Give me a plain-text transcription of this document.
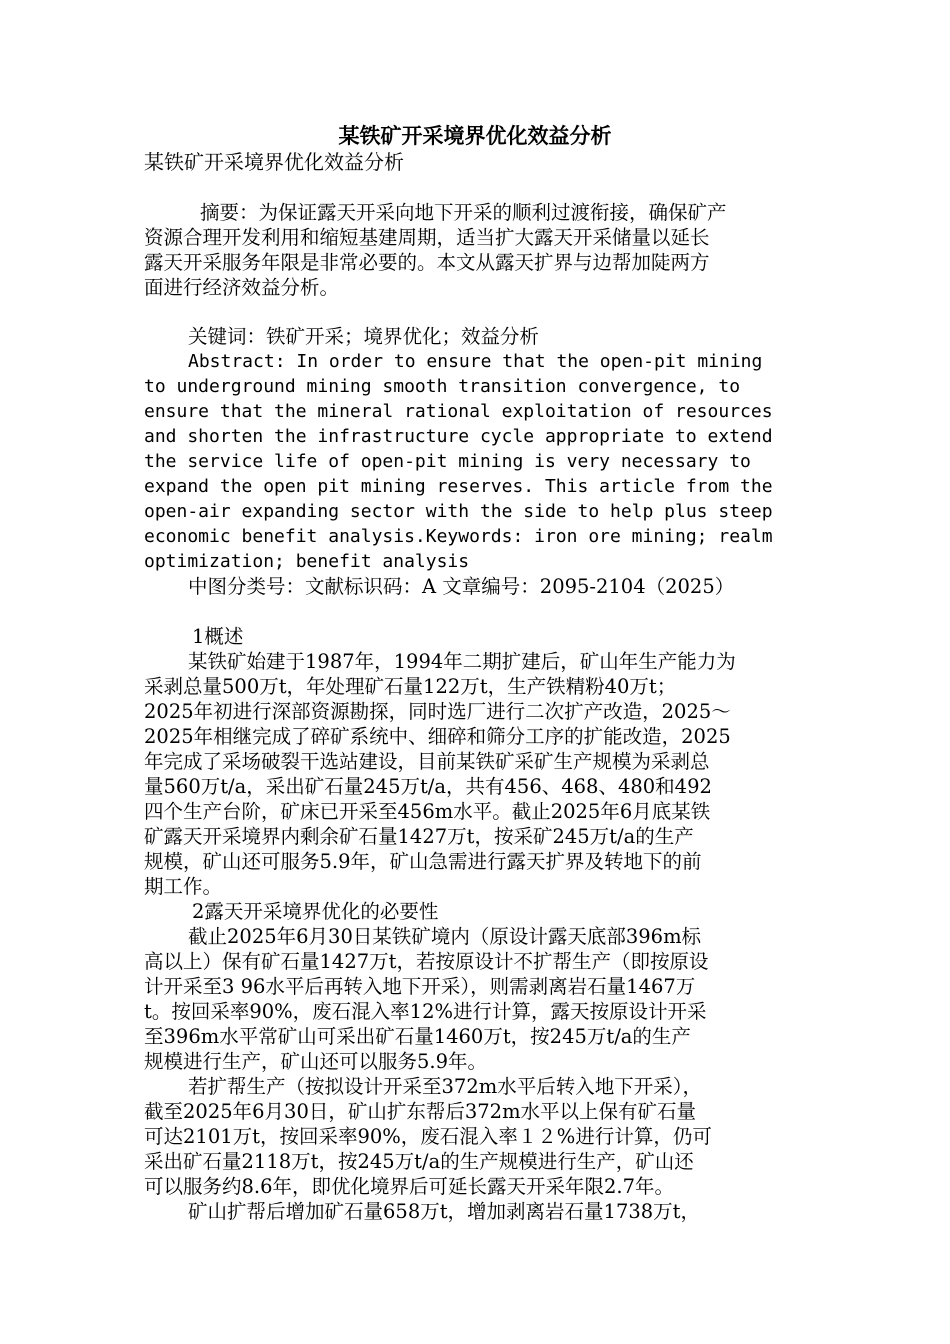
某铁矿开采境界优化效益分析
某铁矿开采境界优化效益分析
摘要：为保证露天开采向地下开采的顺利过渡衔接，确保矿产
资源合理开发利用和缩短基建周期，适当扩大露天开采储量以延长
露天开采服务年限是非常必要的。本文从露天扩界与边帮加陡两方
面进行经济效益分析。
关键词：铁矿开采；境界优化；效益分析
Abstract: In order to ensure that the open-pit mining
to underground mining smooth transition convergence, to
ensure that the mineral rational exploitation of resources
and shorten the infrastructure cycle appropriate to extend
the service life of open-pit mining is very necessary to
expand the open pit mining reserves. This article from the
open-air expanding sector with the side to help plus steep
economic benefit analysis.Keywords: iron ore mining; realm
optimization; benefit analysis
中图分类号：文献标识码：A 文章编号：2095-2104（2025）
1概述
某铁矿始建于1987年，1994年二期扩建后，矿山年生产能力为
采剥总量500万t，年处理矿石量122万t，生产铁精粉40万t；
2025年初进行深部资源勘探，同时选厂进行二次扩产改造，2025～
2025年相继完成了碎矿系统中、细碎和筛分工序的扩能改造，2025
年完成了采场破裂干选站建设，目前某铁矿采矿生产规模为采剥总
量560万t/a，采出矿石量245万t/a，共有456、468、480和492
四个生产台阶，矿床已开采至456m水平。截止2025年6月底某铁
矿露天开采境界内剩余矿石量1427万t，按采矿245万t/a的生产
规模，矿山还可服务5.9年，矿山急需进行露天扩界及转地下的前
期工作。
2露天开采境界优化的必要性
截止2025年6月30日某铁矿境内（原设计露天底部396m标
高以上）保有矿石量1427万t，若按原设计不扩帮生产（即按原设
计开采至3 96水平后再转入地下开采），则需剥离岩石量1467万
t。按回采率90%，废石混入率12%进行计算，露天按原设计开采
至396m水平常矿山可采出矿石量1460万t，按245万t/a的生产
规模进行生产，矿山还可以服务5.9年。
若扩帮生产（按拟设计开采至372m水平后转入地下开采），
截至2025年6月30日，矿山扩东帮后372m水平以上保有矿石量
可达2101万t，按回采率90%，废石混入率１２%进行计算，仍可
采出矿石量2118万t，按245万t/a的生产规模进行生产，矿山还
可以服务约8.6年，即优化境界后可延长露天开采年限2.7年。
矿山扩帮后增加矿石量658万t，增加剥离岩石量1738万t，
